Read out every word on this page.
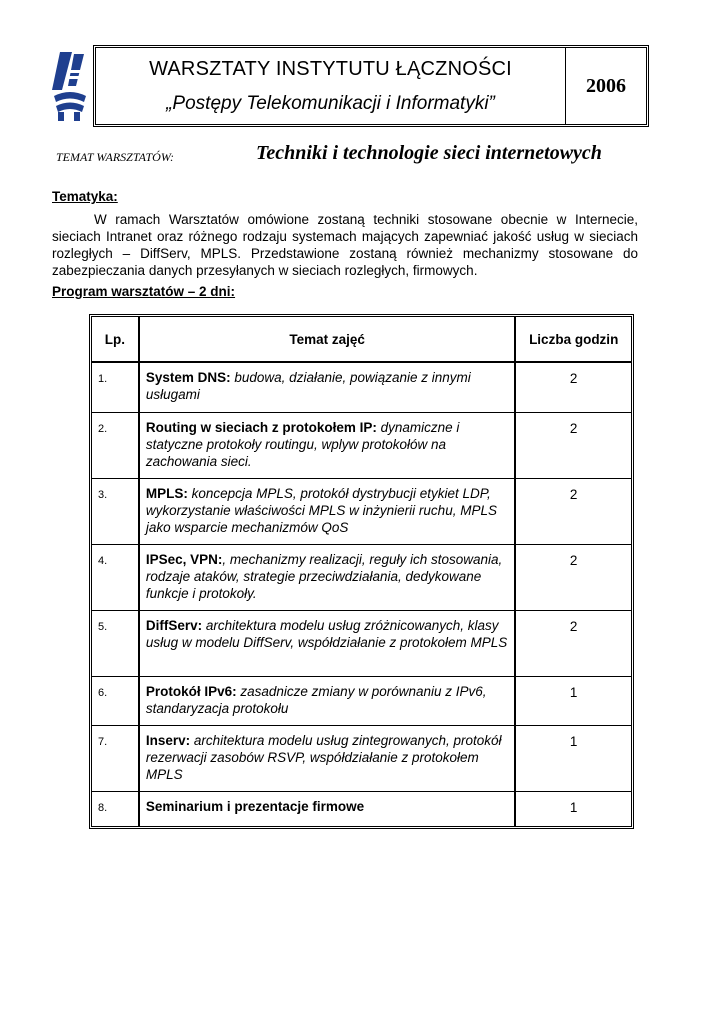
WARSZTATY INSTYTUTU ŁĄCZNOŚCI
„Postępy Telekomunikacji i Informatyki”
2006
TEMAT WARSZTATÓW:	Techniki i technologie sieci internetowych
Tematyka:
W ramach Warsztatów omówione zostaną techniki stosowane obecnie w Internecie, sieciach Intranet oraz różnego rodzaju systemach mających zapewniać jakość usług w sieciach rozległych – DiffServ, MPLS. Przedstawione zostaną również mechanizmy stosowane do zabezpieczania danych przesyłanych w sieciach rozległych, firmowych.
Program warsztatów – 2 dni:
Lp.	Temat zajęć	Liczba godzin
1.	System DNS: budowa, działanie, powiązanie z innymi usługami	2
2.	Routing w sieciach z protokołem IP: dynamiczne i statyczne protokoły routingu, wplyw protokołów na zachowania sieci.	2
3.	MPLS: koncepcja MPLS, protokół dystrybucji etykiet LDP, wykorzystanie właściwości MPLS w inżynierii ruchu, MPLS jako wsparcie mechanizmów QoS	2
4.	IPSec, VPN:, mechanizmy realizacji, reguły ich stosowania, rodzaje ataków, strategie przeciwdziałania, dedykowane funkcje i protokoły.	2
5.	DiffServ: architektura modelu usług zróżnicowanych, klasy usług w modelu DiffServ, współdziałanie z protokołem MPLS	2
6.	Protokół IPv6: zasadnicze zmiany w porównaniu z IPv6, standaryzacja protokołu	1
7.	Inserv: architektura modelu usług zintegrowanych, protokół rezerwacji zasobów RSVP, współdziałanie z protokołem MPLS	1
8.	Seminarium i prezentacje firmowe	1
